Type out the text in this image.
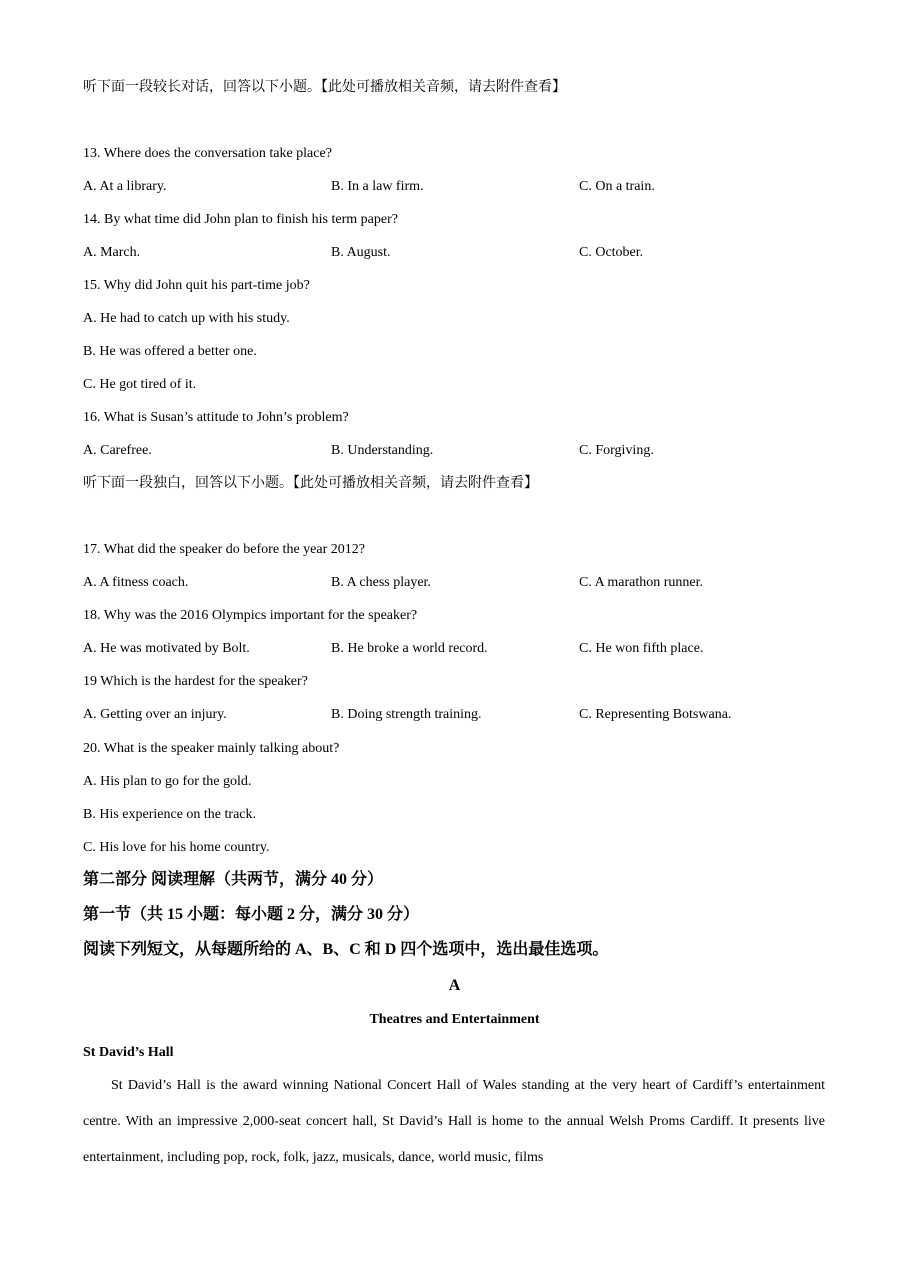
听下面一段较长对话，回答以下小题。【此处可播放相关音频，请去附件查看】
13. Where does the conversation take place?
A. At a library.	B. In a law firm.	C. On a train.
14. By what time did John plan to finish his term paper?
A. March.	B. August.	C. October.
15. Why did John quit his part-time job?
A. He had to catch up with his study.
B. He was offered a better one.
C. He got tired of it.
16. What is Susan’s attitude to John’s problem?
A. Carefree.	B. Understanding.	C. Forgiving.
听下面一段独白，回答以下小题。【此处可播放相关音频，请去附件查看】
17. What did the speaker do before the year 2012?
A. A fitness coach.	B. A chess player.	C. A marathon runner.
18. Why was the 2016 Olympics important for the speaker?
A. He was motivated by Bolt.	B. He broke a world record.	C. He won fifth place.
19 Which is the hardest for the speaker?
A. Getting over an injury.	B. Doing strength training.	C. Representing Botswana.
20. What is the speaker mainly talking about?
A. His plan to go for the gold.
B. His experience on the track.
C. His love for his home country.
第二部分 阅读理解（共两节，满分 40 分）
第一节（共 15 小题：每小题 2 分，满分 30 分）
阅读下列短文，从每题所给的 A、B、C 和 D 四个选项中，选出最佳选项。
A
Theatres and Entertainment
St David’s Hall
St David’s Hall is the award winning National Concert Hall of Wales standing at the very heart of Cardiff’s entertainment centre. With an impressive 2,000-seat concert hall, St David’s Hall is home to the annual Welsh Proms Cardiff. It presents live entertainment, including pop, rock, folk, jazz, musicals, dance, world music, films
